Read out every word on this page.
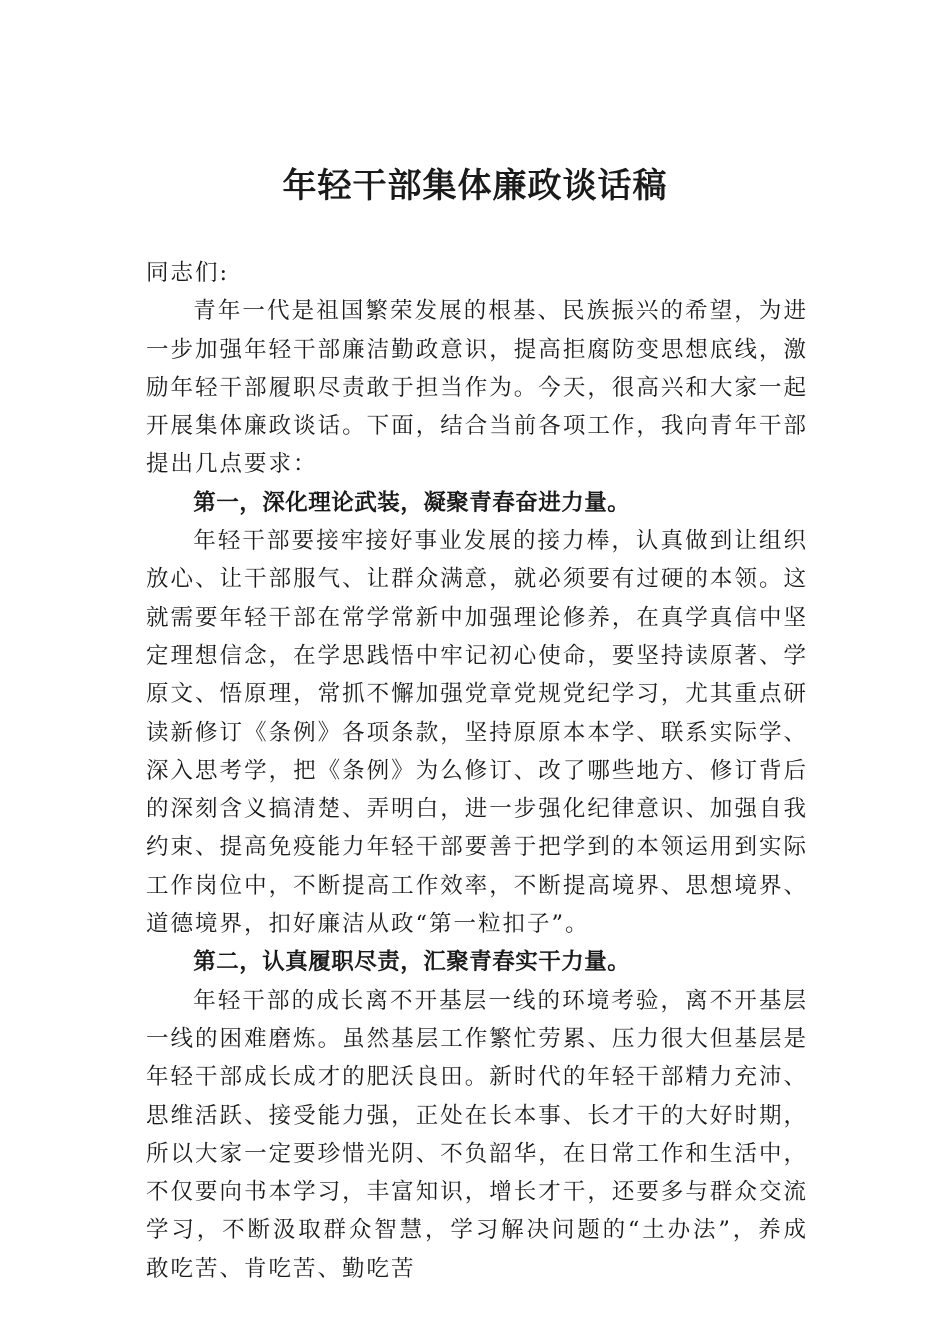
年轻干部集体廉政谈话稿

同志们:

青年一代是祖国繁荣发展的根基、民族振兴的希望，为进一步加强年轻干部廉洁勤政意识，提高拒腐防变思想底线，激励年轻干部履职尽责敢于担当作为。今天，很高兴和大家一起开展集体廉政谈话。下面，结合当前各项工作，我向青年干部提出几点要求：

第一，深化理论武装，凝聚青春奋进力量。

年轻干部要接牢接好事业发展的接力棒，认真做到让组织放心、让干部服气、让群众满意，就必须要有过硬的本领。这就需要年轻干部在常学常新中加强理论修养，在真学真信中坚定理想信念，在学思践悟中牢记初心使命，要坚持读原著、学原文、悟原理，常抓不懈加强党章党规党纪学习，尤其重点研读新修订《条例》各项条款，坚持原原本本学、联系实际学、深入思考学，把《条例》为么修订、改了哪些地方、修订背后的深刻含义搞清楚、弄明白，进一步强化纪律意识、加强自我约束、提高免疫能力年轻干部要善于把学到的本领运用到实际工作岗位中，不断提高工作效率，不断提高境界、思想境界、道德境界，扣好廉洁从政“第一粒扣子”。

第二，认真履职尽责，汇聚青春实干力量。

年轻干部的成长离不开基层一线的环境考验，离不开基层一线的困难磨炼。虽然基层工作繁忙劳累、压力很大但基层是年轻干部成长成才的肥沃良田。新时代的年轻干部精力充沛、思维活跃、接受能力强，正处在长本事、长才干的大好时期，所以大家一定要珍惜光阴、不负韶华，在日常工作和生活中，不仅要向书本学习，丰富知识，增长才干，还要多与群众交流学习，不断汲取群众智慧，学习解决问题的“土办法”，养成敢吃苦、肯吃苦、勤吃苦
